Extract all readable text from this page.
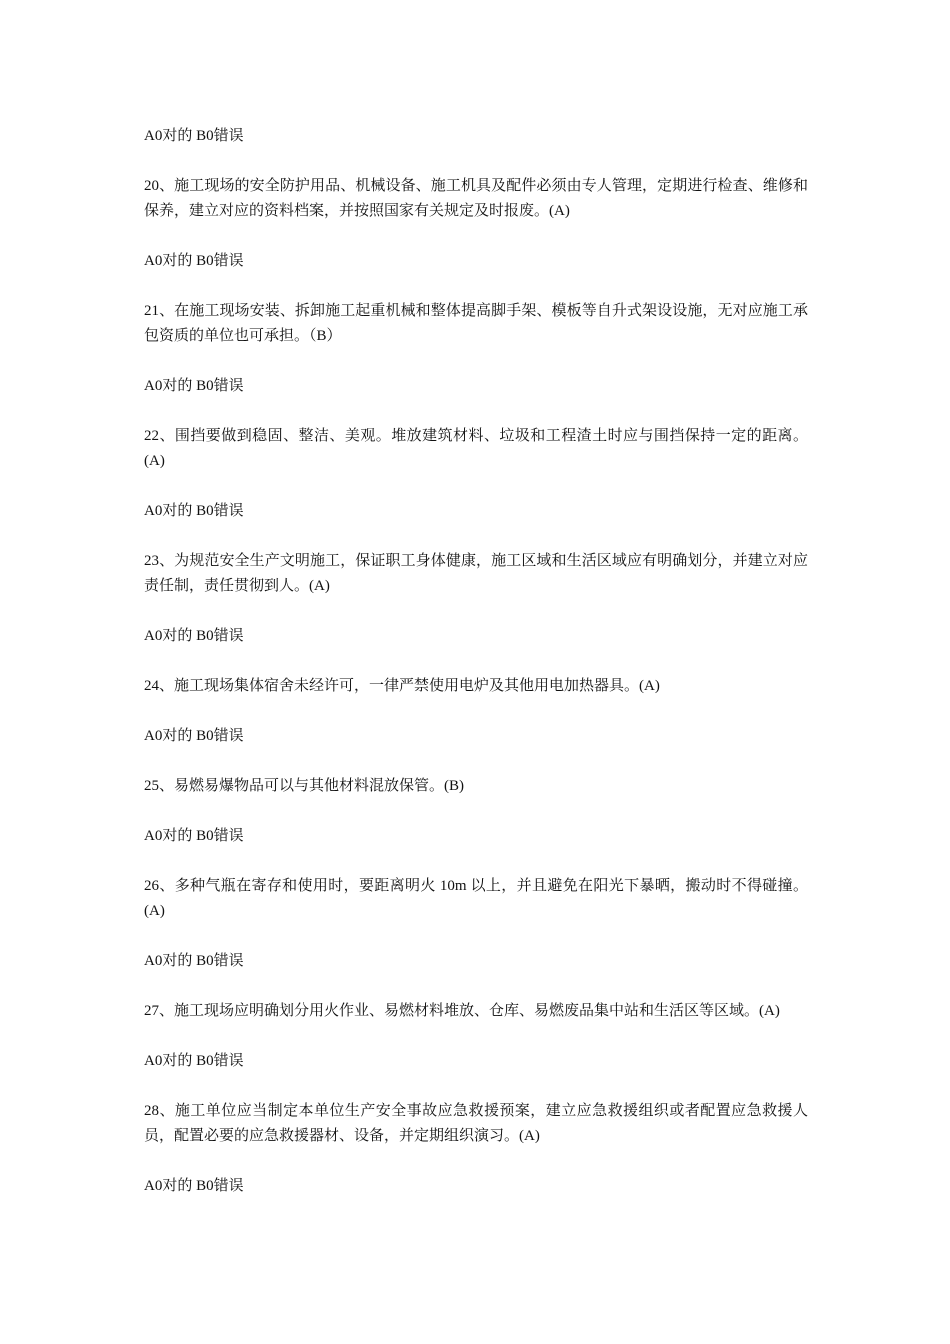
A0对的 B0错误

20、施工现场的安全防护用品、机械设备、施工机具及配件必须由专人管理，定期进行检查、维修和保养，建立对应的资料档案，并按照国家有关规定及时报废。(A)

A0对的 B0错误

21、在施工现场安装、拆卸施工起重机械和整体提高脚手架、模板等自升式架设设施，无对应施工承包资质的单位也可承担。（B）

A0对的 B0错误

22、围挡要做到稳固、整洁、美观。堆放建筑材料、垃圾和工程渣土时应与围挡保持一定的距离。(A)

A0对的 B0错误

23、为规范安全生产文明施工，保证职工身体健康，施工区域和生活区域应有明确划分，并建立对应责任制，责任贯彻到人。(A)

A0对的 B0错误

24、施工现场集体宿舍未经许可，一律严禁使用电炉及其他用电加热器具。(A)

A0对的 B0错误

25、易燃易爆物品可以与其他材料混放保管。(B)

A0对的 B0错误

26、多种气瓶在寄存和使用时，要距离明火 10m 以上，并且避免在阳光下暴晒，搬动时不得碰撞。(A)

A0对的 B0错误

27、施工现场应明确划分用火作业、易燃材料堆放、仓库、易燃废品集中站和生活区等区域。(A)

A0对的 B0错误

28、施工单位应当制定本单位生产安全事故应急救援预案，建立应急救援组织或者配置应急救援人员，配置必要的应急救援器材、设备，并定期组织演习。(A)

A0对的 B0错误
